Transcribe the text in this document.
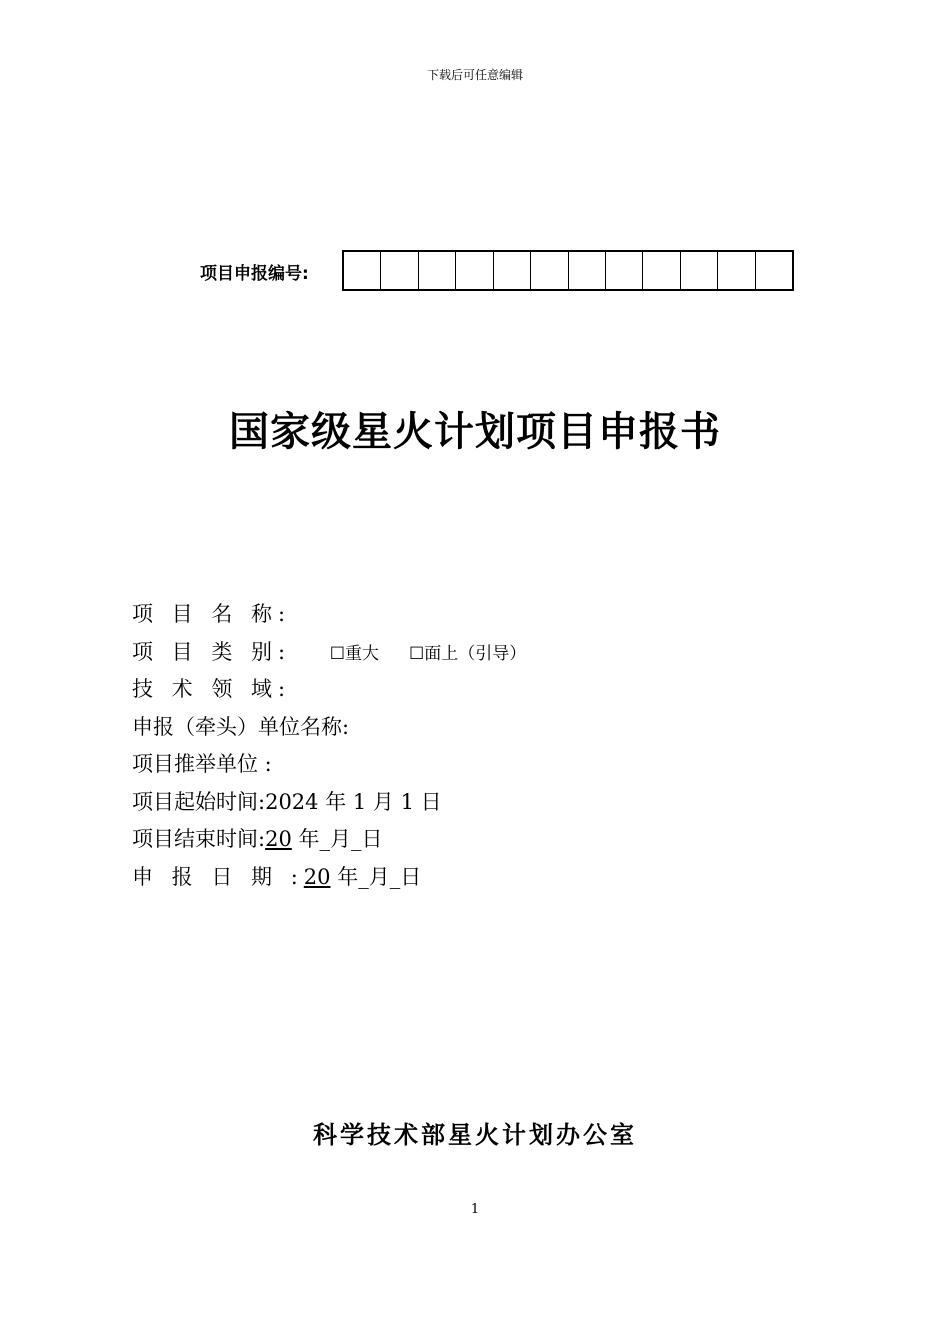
下载后可任意编辑
项目申报编号:
国家级星火计划项目申报书
项 目 名 称:
项 目 类 别: ☐重大 ☐面上（引导）
技 术 领 域:
申报（牵头）单位名称:
项目推举单位 :
项目起始时间:2024 年 1 月 1 日
项目结束时间:20 年_月_日
申 报 日 期 :20 年_月_日
科学技术部星火计划办公室
1
